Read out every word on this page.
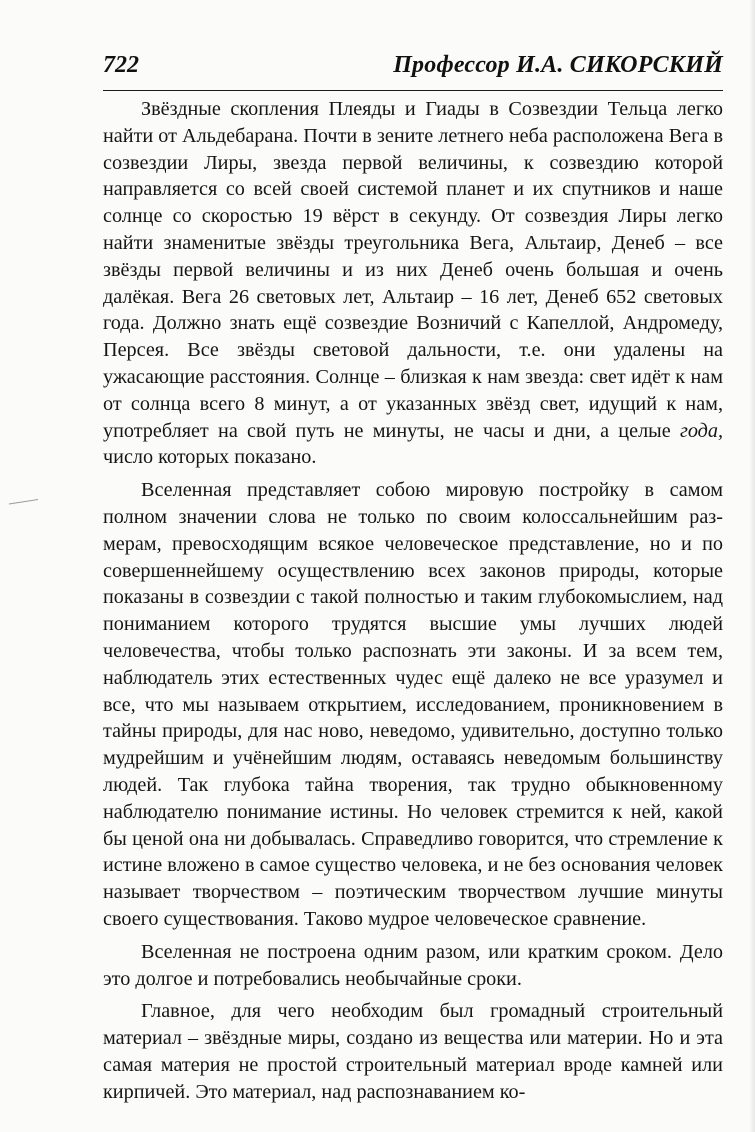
722	Профессор И.А. СИКОРСКИЙ

Звёздные скопления Плеяды и Гиады в Созвездии Тельца легко найти от Альдебарана. Почти в зените летнего неба расположена Вега в созвездии Лиры, звезда первой величины, к созвездию которой направляется со всей своей системой планет и их спутников и наше солнце со скоростью 19 вёрст в секунду. От созвездия Лиры легко найти знаменитые звёзды треугольника Вега, Альтаир, Денеб – все звёзды первой величины и из них Денеб очень большая и очень далёкая. Вега 26 световых лет, Альтаир – 16 лет, Денеб 652 световых года. Должно знать ещё созвездие Возничий с Капеллой, Андромеду, Персея. Все звёзды световой дальности, т.е. они удалены на ужасающие расстояния. Солнце – близкая к нам звезда: свет идёт к нам от солнца всего 8 минут, а от указанных звёзд свет, идущий к нам, употребляет на свой путь не минуты, не часы и дни, а целые года, число которых показано.

Вселенная представляет собою мировую постройку в самом полном значении слова не только по своим колоссальнейшим размерам, превосходящим всякое человеческое представление, но и по совершеннейшему осуществлению всех законов природы, которые показаны в созвездии с такой полностью и таким глубокомыслием, над пониманием которого трудятся высшие умы лучших людей человечества, чтобы только распознать эти законы. И за всем тем, наблюдатель этих естественных чудес ещё далеко не все уразумел и все, что мы называем открытием, исследованием, проникновением в тайны природы, для нас ново, неведомо, удивительно, доступно только мудрейшим и учёнейшим людям, оставаясь неведомым большинству людей. Так глубока тайна творения, так трудно обыкновенному наблюдателю понимание истины. Но человек стремится к ней, какой бы ценой она ни добывалась. Справедливо говорится, что стремление к истине вложено в самое существо человека, и не без основания человек называет творчеством – поэтическим творчеством лучшие минуты своего существования. Таково мудрое человеческое сравнение.

Вселенная не построена одним разом, или кратким сроком. Дело это долгое и потребовались необычайные сроки.

Главное, для чего необходим был громадный строительный материал – звёздные миры, создано из вещества или материи. Но и эта самая материя не простой строительный материал вроде камней или кирпичей. Это материал, над распознаванием ко-
